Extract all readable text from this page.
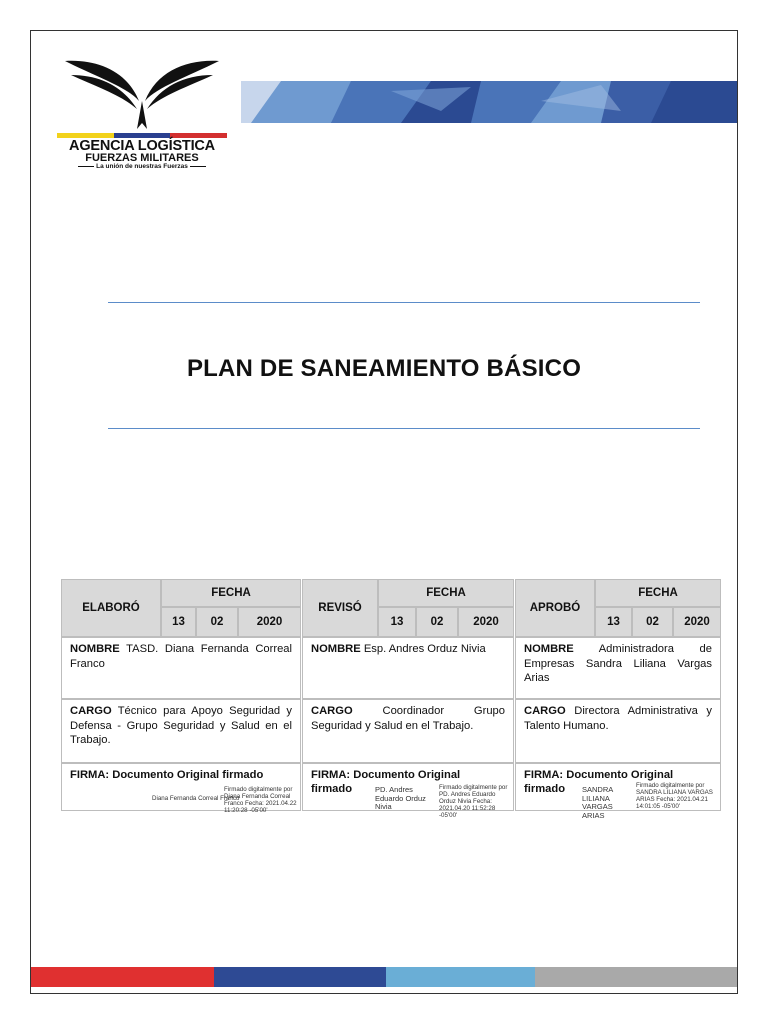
AGENCIA LOGÍSTICA
FUERZAS MILITARES
La unión de nuestras Fuerzas
PLAN DE SANEAMIENTO BÁSICO
ELABORÓ
FECHA
13	02	2020
NOMBRE TASD. Diana Fernanda Correal Franco
CARGO Técnico para Apoyo Seguridad y Defensa - Grupo Seguridad y Salud en el Trabajo.
FIRMA: Documento Original firmado
Diana Fernanda Correal Franco
Firmado digitalmente por Diana Fernanda Correal Franco Fecha: 2021.04.22 11:20:28 -05'00'
REVISÓ
FECHA
13	02	2020
NOMBRE Esp. Andres Orduz Nivia
CARGO	Coordinador Grupo Seguridad y Salud en el Trabajo.
FIRMA: Documento Original
firmado	PD. Andres Eduardo Orduz Nivia
Firmado digitalmente por PD. Andres Eduardo Orduz Nivia Fecha: 2021.04.20 11:52:28 -05'00'
APROBÓ
FECHA
13	02	2020
NOMBRE Administradora de Empresas Sandra Liliana Vargas Arias
CARGO Directora Administrativa y Talento Humano.
FIRMA: Documento Original
firmado SANDRA LILIANA VARGAS ARIAS
Firmado digitalmente por SANDRA LILIANA VARGAS ARIAS Fecha: 2021.04.21 14:01:05 -05'00'
